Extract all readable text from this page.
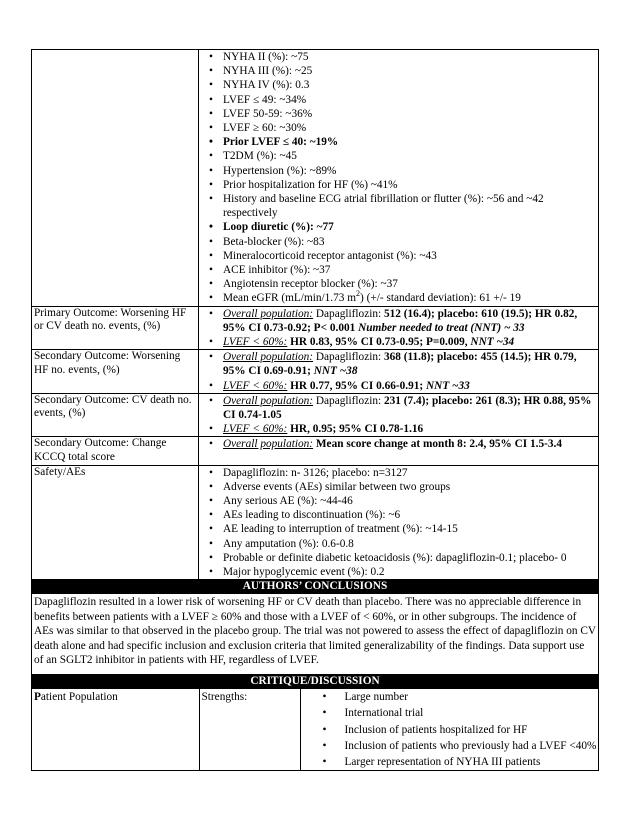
• NYHA II (%): ~75
• NYHA III (%): ~25
• NYHA IV (%): 0.3
• LVEF ≤ 49: ~34%
• LVEF 50-59: ~36%
• LVEF ≥ 60: ~30%
• Prior LVEF ≤ 40: ~19%
• T2DM (%): ~45
• Hypertension (%): ~89%
• Prior hospitalization for HF (%) ~41%
• History and baseline ECG atrial fibrillation or flutter (%): ~56 and ~42 respectively
• Loop diuretic (%): ~77
• Beta-blocker (%): ~83
• Mineralocorticoid receptor antagonist (%): ~43
• ACE inhibitor (%): ~37
• Angiotensin receptor blocker (%): ~37
• Mean eGFR (mL/min/1.73 $m^2$) (+/- standard deviation): 61 +/- 19

Primary Outcome: Worsening HF or CV death no. events, (%)	
• Overall population: Dapagliflozin: 512 (16.4); placebo: 610 (19.5); HR 0.82, 95% CI 0.73-0.92; P< 0.001 Number needed to treat (NNT) ~ 33
• LVEF < 60%: HR 0.83, 95% CI 0.73-0.95; P=0.009, NNT ~34

Secondary Outcome: Worsening HF no. events, (%)	
• Overall population: Dapagliflozin: 368 (11.8); placebo: 455 (14.5); HR 0.79, 95% CI 0.69-0.91; NNT ~38
• LVEF < 60%: HR 0.77, 95% CI 0.66-0.91; NNT ~33

Secondary Outcome: CV death no. events, (%)	
• Overall population: Dapagliflozin: 231 (7.4); placebo: 261 (8.3); HR 0.88, 95% CI 0.74-1.05
• LVEF < 60%: HR, 0.95; 95% CI 0.78-1.16

Secondary Outcome: Change KCCQ total score	
• Overall population: Mean score change at month 8: 2.4, 95% CI 1.5-3.4

Safety/AEs	
•Dapagliflozin: n- 3126; placebo: n=3127
• Adverse events (AEs) similar between two groups
• Any serious AE (%): ~44-46
• AEs leading to discontinuation (%): ~6
• AE leading to interruption of treatment (%): ~14-15
• Any amputation (%): 0.6-0.8
• Probable or definite diabetic ketoacidosis (%): dapagliflozin-0.1; placebo- 0
• Major hypoglycemic event (%): 0.2

AUTHORS’ CONCLUSIONS
Dapagliflozin resulted in a lower risk of worsening HF or CV death than placebo. There was no appreciable difference in benefits between patients with a LVEF ≥ 60% and those with a LVEF of < 60%, or in other subgroups. The incidence of AEs was similar to that observed in the placebo group. The trial was not powered to assess the effect of dapagliflozin on CV death alone and had specific inclusion and exclusion criteria that limited generalizability of the findings. Data support use of an SGLT2 inhibitor in patients with HF, regardless of LVEF.
CRITIQUE/DISCUSSION

Patient Population	Strengths:	
•Large number
• International trial
• Inclusion of patients hospitalized for HF
• Inclusion of patients who previously had a LVEF <40%
• Larger representation of NYHA III patients
